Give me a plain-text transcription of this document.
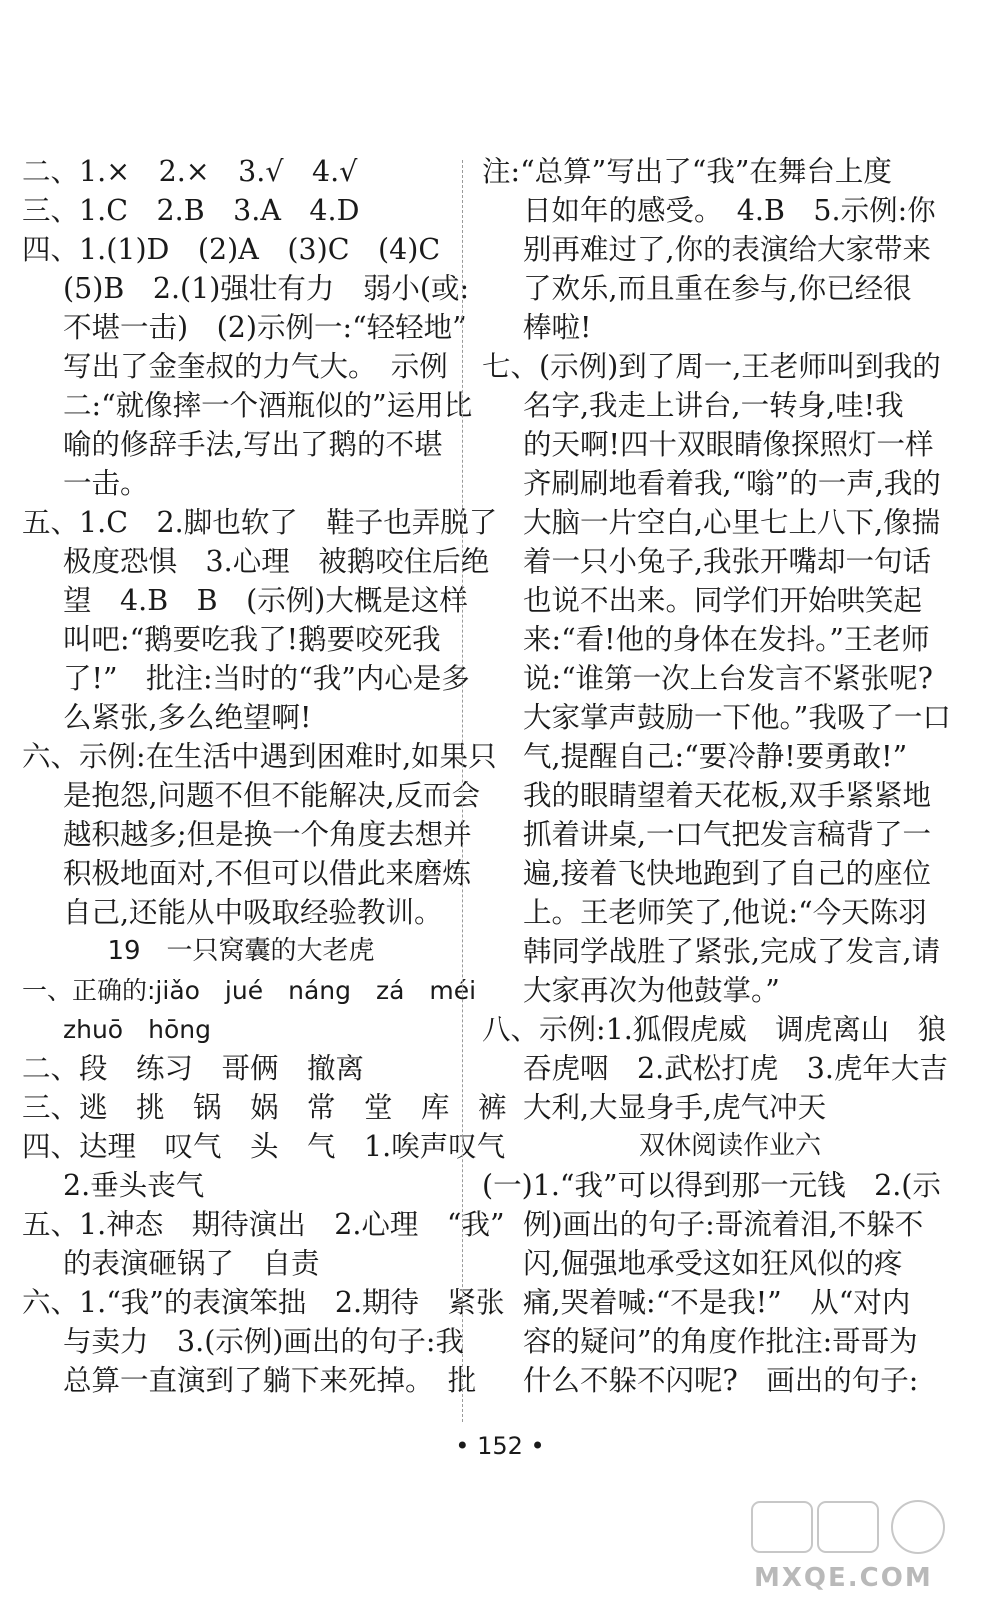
二、1.×　2.×　3.√　4.√
三、1.C　2.B　3.A　4.D
四、1.(1)D　(2)A　(3)C　(4)C
(5)B　2.(1)强壮有力　弱小(或:
不堪一击)　(2)示例一:“轻轻地”
写出了金奎叔的力气大。　示例
二:“就像摔一个酒瓶似的”运用比
喻的修辞手法,写出了鹅的不堪
一击。
五、1.C　2.脚也软了　鞋子也弄脱了
极度恐惧　3.心理　被鹅咬住后绝
望　4.B　B　(示例)大概是这样
叫吧:“鹅要吃我了!鹅要咬死我
了!”　批注:当时的“我”内心是多
么紧张,多么绝望啊!
六、示例:在生活中遇到困难时,如果只
是抱怨,问题不但不能解决,反而会
越积越多;但是换一个角度去想并
积极地面对,不但可以借此来磨炼
自己,还能从中吸取经验教训。
19　一只窝囊的大老虎
一、正确的:jiǎo　jué　náng　zá　méi
zhuō　hōng
二、段　练习　哥俩　撤离
三、逃　挑　锅　娲　常　堂　库　裤
四、达理　叹气　头　气　1.唉声叹气
2.垂头丧气
五、1.神态　期待演出　2.心理　“我”
的表演砸锅了　自责
六、1.“我”的表演笨拙　2.期待　紧张
与卖力　3.(示例)画出的句子:我
总算一直演到了躺下来死掉。　批
注:“总算”写出了“我”在舞台上度
日如年的感受。　4.B　5.示例:你
别再难过了,你的表演给大家带来
了欢乐,而且重在参与,你已经很
棒啦!
七、(示例)到了周一,王老师叫到我的
名字,我走上讲台,一转身,哇!我
的天啊!四十双眼睛像探照灯一样
齐刷刷地看着我,“嗡”的一声,我的
大脑一片空白,心里七上八下,像揣
着一只小兔子,我张开嘴却一句话
也说不出来。同学们开始哄笑起
来:“看!他的身体在发抖。”王老师
说:“谁第一次上台发言不紧张呢?
大家掌声鼓励一下他。”我吸了一口
气,提醒自己:“要冷静!要勇敢!”
我的眼睛望着天花板,双手紧紧地
抓着讲桌,一口气把发言稿背了一
遍,接着飞快地跑到了自己的座位
上。王老师笑了,他说:“今天陈羽
韩同学战胜了紧张,完成了发言,请
大家再次为他鼓掌。”
八、示例:1.狐假虎威　调虎离山　狼
吞虎咽　2.武松打虎　3.虎年大吉
大利,大显身手,虎气冲天
双休阅读作业六
(一)1.“我”可以得到那一元钱　2.(示
例)画出的句子:哥流着泪,不躲不
闪,倔强地承受这如狂风似的疼
痛,哭着喊:“不是我!”　从“对内
容的疑问”的角度作批注:哥哥为
什么不躲不闪呢?　画出的句子:
• 152 •
MXQE.COM
